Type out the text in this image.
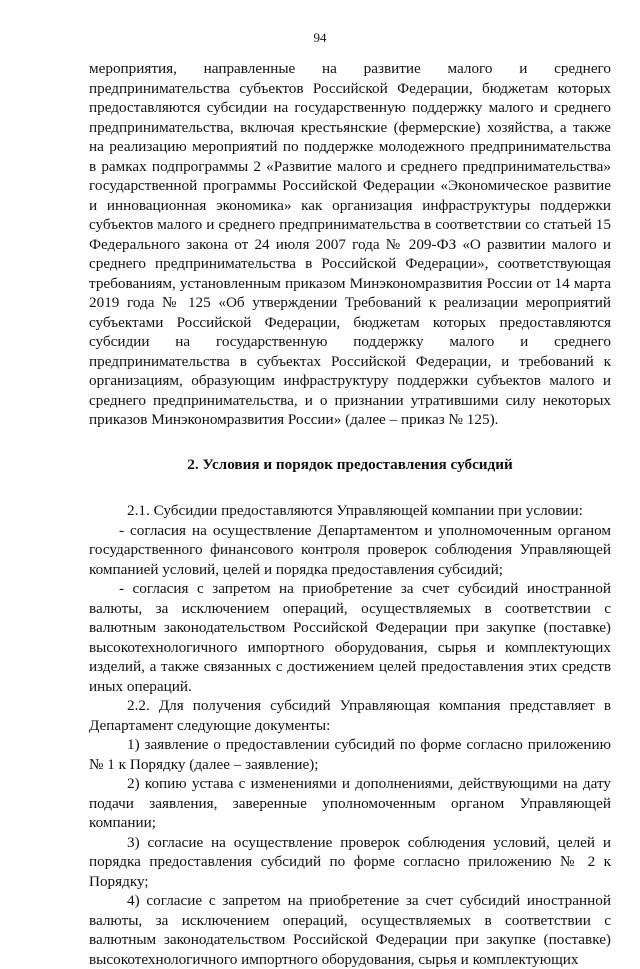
94

мероприятия, направленные на развитие малого и среднего предпринимательства субъектов Российской Федерации, бюджетам которых предоставляются субсидии на государственную поддержку малого и среднего предпринимательства, включая крестьянские (фермерские) хозяйства, а также на реализацию мероприятий по поддержке молодежного предпринимательства в рамках подпрограммы 2 «Развитие малого и среднего предпринимательства» государственной программы Российской Федерации «Экономическое развитие и инновационная экономика» как организация инфраструктуры поддержки субъектов малого и среднего предпринимательства в соответствии со статьей 15 Федерального закона от 24 июля 2007 года № 209-ФЗ «О развитии малого и среднего предпринимательства в Российской Федерации», соответствующая требованиям, установленным приказом Минэкономразвития России от 14 марта 2019 года № 125 «Об утверждении Требований к реализации мероприятий субъектами Российской Федерации, бюджетам которых предоставляются субсидии на государственную поддержку малого и среднего предпринимательства в субъектах Российской Федерации, и требований к организациям, образующим инфраструктуру поддержки субъектов малого и среднего предпринимательства, и о признании утратившими силу некоторых приказов Минэкономразвития России» (далее – приказ № 125).

2. Условия и порядок предоставления субсидий

2.1. Субсидии предоставляются Управляющей компании при условии:

- согласия на осуществление Департаментом и уполномоченным органом государственного финансового контроля проверок соблюдения Управляющей компанией условий, целей и порядка предоставления субсидий;

- согласия с запретом на приобретение за счет субсидий иностранной валюты, за исключением операций, осуществляемых в соответствии с валютным законодательством Российской Федерации при закупке (поставке) высокотехнологичного импортного оборудования, сырья и комплектующих изделий, а также связанных с достижением целей предоставления этих средств иных операций.

2.2. Для получения субсидий Управляющая компания представляет в Департамент следующие документы:

1) заявление о предоставлении субсидий по форме согласно приложению № 1 к Порядку (далее – заявление);

2) копию устава с изменениями и дополнениями, действующими на дату подачи заявления, заверенные уполномоченным органом Управляющей компании;

3) согласие на осуществление проверок соблюдения условий, целей и порядка предоставления субсидий по форме согласно приложению № 2 к Порядку;

4) согласие с запретом на приобретение за счет субсидий иностранной валюты, за исключением операций, осуществляемых в соответствии с валютным законодательством Российской Федерации при закупке (поставке) высокотехнологичного импортного оборудования, сырья и комплектующих
